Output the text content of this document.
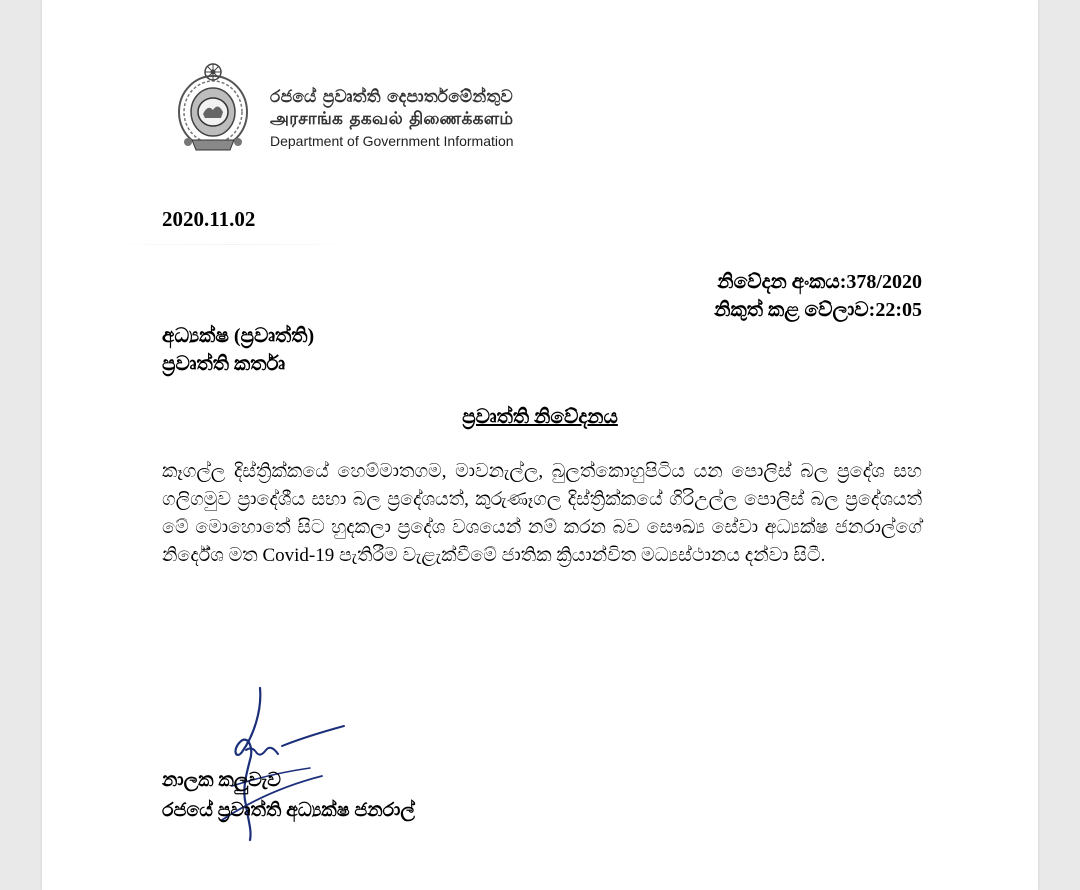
රජයේ ප්‍රවෘත්ති දෙපාර්තමේන්තුව
அரசாங்க தகவல் திணைக்களம்
Department of Government Information
2020.11.02
නිවේදන අංකය:378/2020
නිකුත් කළ වේලාව:22:05
අධ්‍යක්ෂ (ප්‍රවෘත්ති)
ප්‍රවෘත්ති කර්තෘ
ප්‍රවෘත්ති නිවේදනය
කෑගල්ල දිස්ත්‍රික්කයේ හෙම්මාතගම, මාවනැල්ල, බුලත්කොහුපිටිය යන පොලිස් බල ප්‍රදේශ සහ ගලිගමුව ප්‍රාදේශීය සභා බල ප්‍රදේශයත්, කුරුණෑගල දිස්ත්‍රික්කයේ ගිරිඋල්ල පොලිස් බල ප්‍රදේශයත් මේ මොහොතේ සිට හුදකලා ප්‍රදේශ වශයෙන් නම් කරන බව සෞඛ්‍ය සේවා අධ්‍යක්ෂ ජනරාල්ගේ නිර්දේශ මත Covid-19 පැතිරීම වැළැක්වීමේ ජාතික ක්‍රියාන්විත මධ්‍යස්ථානය දන්වා සිටී.
නාලක කලුවැව
රජයේ ප්‍රවෘත්ති අධ්‍යක්ෂ ජනරාල්
